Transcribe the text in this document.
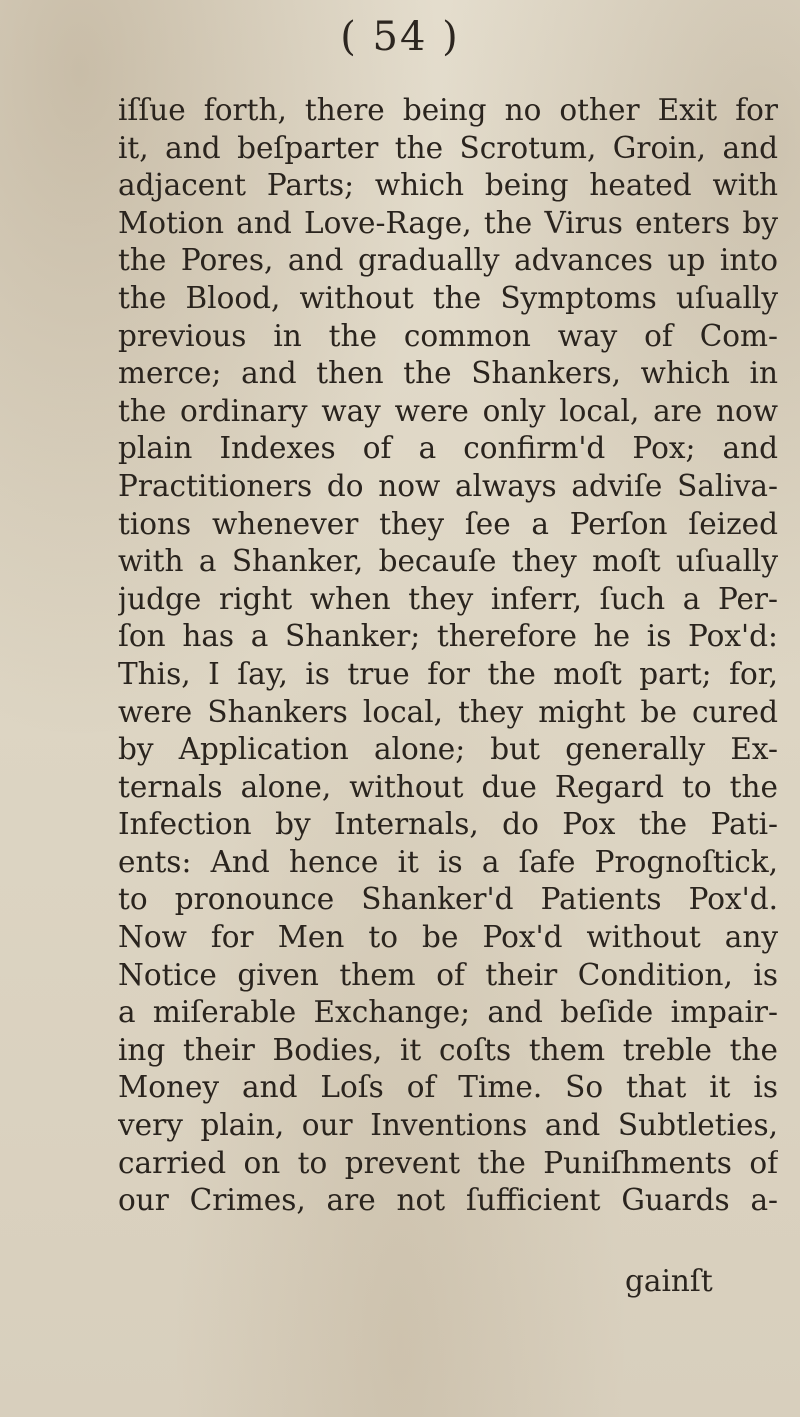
( 54 )
iſſue forth, there being no other Exit for
it, and beſparter the Scrotum, Groin, and
adjacent Parts; which being heated with
Motion and Love-Rage, the Virus enters by
the Pores, and gradually advances up into
the Blood, without the Symptoms uſually
previous in the common way of Com-
merce; and then the Shankers, which in
the ordinary way were only local, are now
plain Indexes of a confirm'd Pox; and
Practitioners do now always adviſe Saliva-
tions whenever they ſee a Perſon ſeized
with a Shanker, becauſe they moſt uſually
judge right when they inferr, ſuch a Per-
ſon has a Shanker; therefore he is Pox'd:
This, I ſay, is true for the moſt part; for,
were Shankers local, they might be cured
by Application alone; but generally Ex-
ternals alone, without due Regard to the
Infection by Internals, do Pox the Pati-
ents: And hence it is a ſafe Prognoſtick,
to pronounce Shanker'd Patients Pox'd.
Now for Men to be Pox'd without any
Notice given them of their Condition, is
a miſerable Exchange; and beſide impair-
ing their Bodies, it coſts them treble the
Money and Loſs of Time. So that it is
very plain, our Inventions and Subtleties,
carried on to prevent the Puniſhments of
our Crimes, are not ſufficient Guards a-
gainſt
